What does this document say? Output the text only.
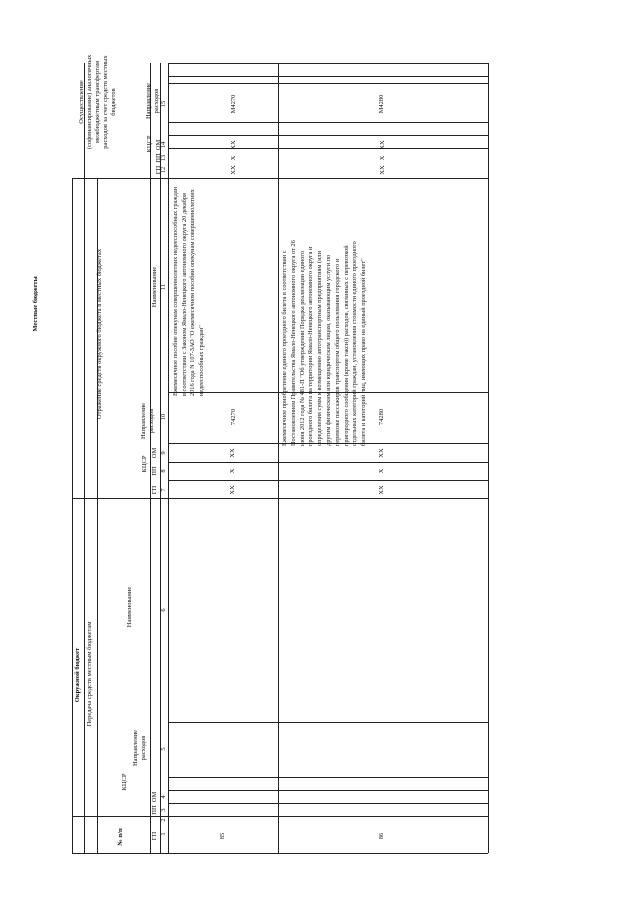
Окружной бюджет
Местные бюджеты
Передача средств местным бюджетам
Отражение средств окружного бюджета в местных бюджетах
Осуществление (софинансирование) аналогичных межбюджетным трансфертам расходов за счет средств местных бюджетов
№ п/п
КЦСР
ГП
ПП
ОМ
Направление расходов
Наименование
КЦСР
ГП
ПП
ОМ
Направление расходов
Наименование
КЦСР
ГП
ПП
ОМ
Направление расходов
1
2
3
4
5
6
7
8
9
10
11
12
13
14
15
85
XX
X
XX
74270
Ежемесячное пособие опекунам совершеннолетних недееспособных граждан в соответствии с Законом Ямало-Ненецкого автономного округа 20 декабря 2016 года N 107-ЗАО "О ежемесячном пособии опекунам совершеннолетних недееспособных граждан"
XX
X
XX
М4270
86
XX
X
XX
74280
Ежемесячное приобретение единого проездного билета в соответствии с Постановлением Правительства Ямало-Ненецкого автономного округа от 26 июня 2012 года № 481-П "Об утверждении Порядка реализации единого проездного билета на территории Ямало-Ненецкого автономного округа и определения сумм к возмещению автотранспортным предприятиям (или другим физическим или юридическим лицам, оказывающим услуги по перевозке пассажиров транспортом общего пользования городского и пригородного сообщения (кроме такси)) расходов, связанных с перевозкой отдельных категорий граждан, установления стоимости единого проездного билета и категорий лиц, имеющих право на единый проездной билет"
XX
X
XX
М4280
